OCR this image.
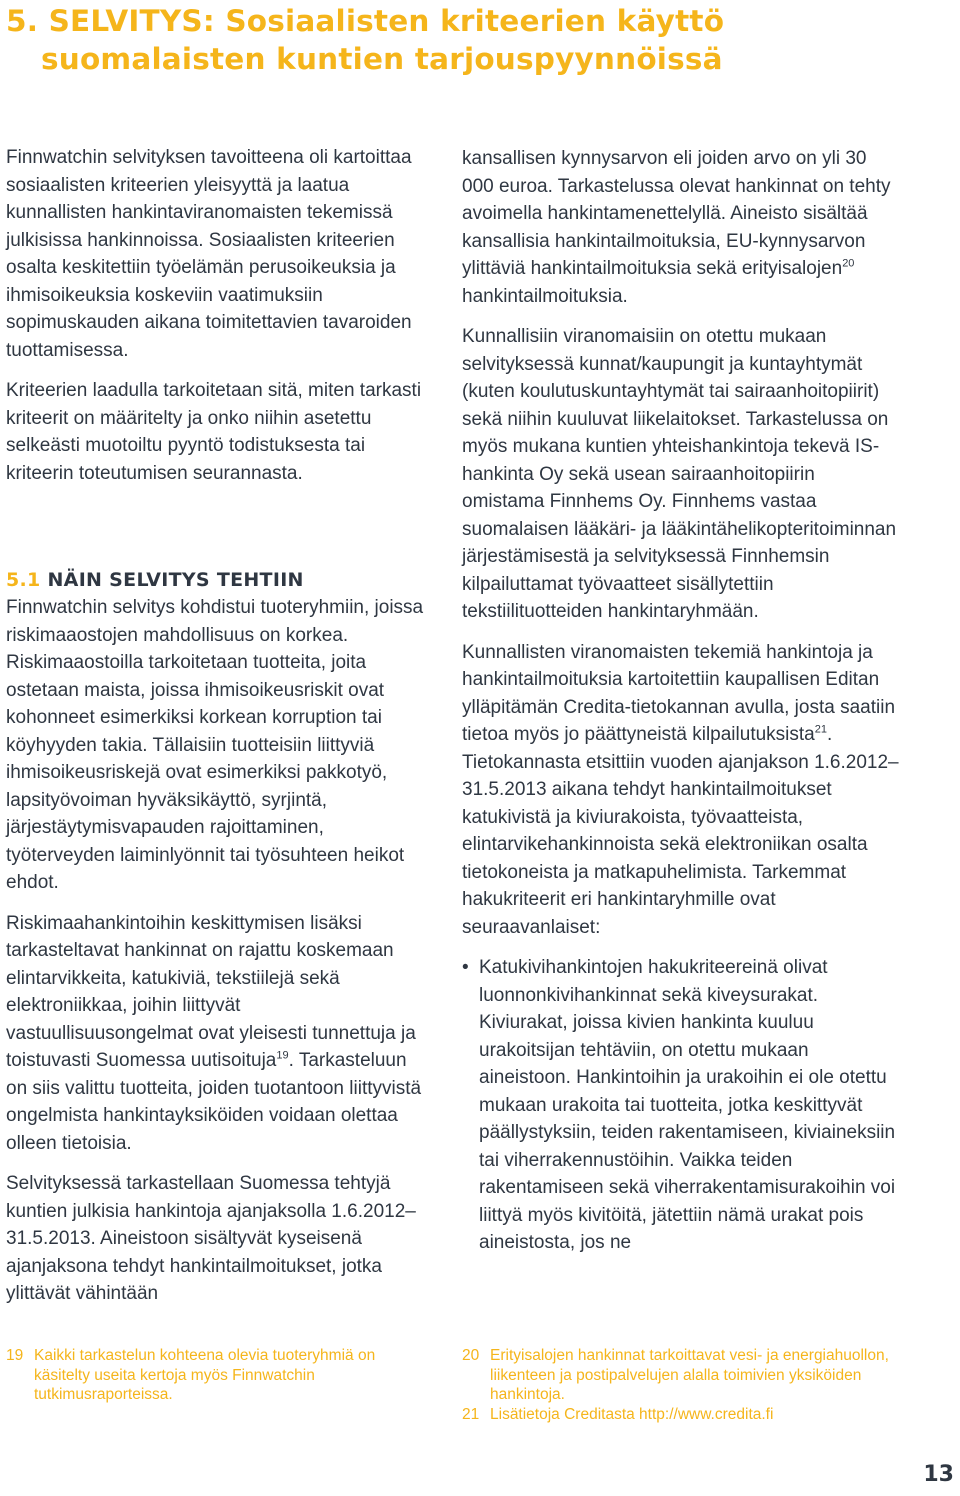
5. SELVITYS: Sosiaalisten kriteerien käyttö
suomalaisten kuntien tarjouspyynnöissä

Finnwatchin selvityksen tavoitteena oli kartoittaa sosiaalisten kriteerien yleisyyttä ja laatua kunnallisten hankintaviranomaisten tekemissä julkisissa hankinnoissa. Sosiaalisten kriteerien osalta keskitettiin työelämän perusoikeuksia ja ihmisoikeuksia koskeviin vaatimuksiin sopimuskauden aikana toimitettavien tavaroiden tuottamisessa.

Kriteerien laadulla tarkoitetaan sitä, miten tarkasti kriteerit on määritelty ja onko niihin asetettu selkeästi muotoiltu pyyntö todistuksesta tai kriteerin toteutumisen seurannasta.

5.1 NÄIN SELVITYS TEHTIIN

Finnwatchin selvitys kohdistui tuoteryhmiin, joissa riskimaaostojen mahdollisuus on korkea. Riskimaaostoilla tarkoitetaan tuotteita, joita ostetaan maista, joissa ihmisoikeusriskit ovat kohonneet esimerkiksi korkean korruption tai köyhyyden takia. Tällaisiin tuotteisiin liittyviä ihmisoikeusriskejä ovat esimerkiksi pakkotyö, lapsityövoiman hyväksikäyttö, syrjintä, järjestäytymisvapauden rajoittaminen, työterveyden laiminlyönnit tai työsuhteen heikot ehdot.

Riskimaahankintoihin keskittymisen lisäksi tarkasteltavat hankinnat on rajattu koskemaan elintarvikkeita, katukiviä, tekstiilejä sekä elektroniikkaa, joihin liittyvät vastuullisuusongelmat ovat yleisesti tunnettuja ja toistuvasti Suomessa uutisoituja$^{19}$. Tarkasteluun on siis valittu tuotteita, joiden tuotantoon liittyvistä ongelmista hankintayksiköiden voidaan olettaa olleen tietoisia.

Selvityksessä tarkastellaan Suomessa tehtyjä kuntien julkisia hankintoja ajanjaksolla 1.6.2012–31.5.2013. Aineistoon sisältyvät kyseisenä ajanjaksona tehdyt hankintailmoitukset, jotka ylittävät vähintään

kansallisen kynnysarvon eli joiden arvo on yli 30 000 euroa. Tarkastelussa olevat hankinnat on tehty avoimella hankintamenettelyllä. Aineisto sisältää kansallisia hankintailmoituksia, EU-kynnysarvon ylittäviä hankintailmoituksia sekä erityisalojen$^{20}$ hankintailmoituksia.

Kunnallisiin viranomaisiin on otettu mukaan selvityksessä kunnat/kaupungit ja kuntayhtymät (kuten koulutuskuntayhtymät tai sairaanhoitopiirit) sekä niihin kuuluvat liikelaitokset. Tarkastelussa on myös mukana kuntien yhteishankintoja tekevä IS-hankinta Oy sekä usean sairaanhoitopiirin omistama Finnhems Oy. Finnhems vastaa suomalaisen lääkäri- ja lääkintähelikopteritoiminnan järjestämisestä ja selvityksessä Finnhemsin kilpailuttamat työvaatteet sisällytettiin tekstiilituotteiden hankintaryhmään.

Kunnallisten viranomaisten tekemiä hankintoja ja hankintailmoituksia kartoitettiin kaupallisen Editan ylläpitämän Credita-tietokannan avulla, josta saatiin tietoa myös jo päättyneistä kilpailutuksista$^{21}$. Tietokannasta etsittiin vuoden ajanjakson 1.6.2012–31.5.2013 aikana tehdyt hankintailmoitukset katukivistä ja kiviurakoista, työvaatteista, elintarvikehankinnoista sekä elektroniikan osalta tietokoneista ja matkapuhelimista. Tarkemmat hakukriteerit eri hankintaryhmille ovat seuraavanlaiset:

• Katukivihankintojen hakukriteereinä olivat luonnonkivihankinnat sekä kiveysurakat. Kiviurakat, joissa kivien hankinta kuuluu urakoitsijan tehtäviin, on otettu mukaan aineistoon. Hankintoihin ja urakoihin ei ole otettu mukaan urakoita tai tuotteita, jotka keskittyvät päällystyksiin, teiden rakentamiseen, kiviaineksiin tai viherrakennustöihin. Vaikka teiden rakentamiseen sekä viherrakentamisurakoihin voi liittyä myös kivitöitä, jätettiin nämä urakat pois aineistosta, jos ne
19 Kaikki tarkastelun kohteena olevia tuoteryhmiä on käsitelty useita kertoja myös Finnwatchin tutkimusraporteissa.
20 Erityisalojen hankinnat tarkoittavat vesi- ja energiahuollon, liikenteen ja postipalvelujen alalla toimivien yksiköiden hankintoja.
21 Lisätietoja Creditasta http://www.credita.fi
13
